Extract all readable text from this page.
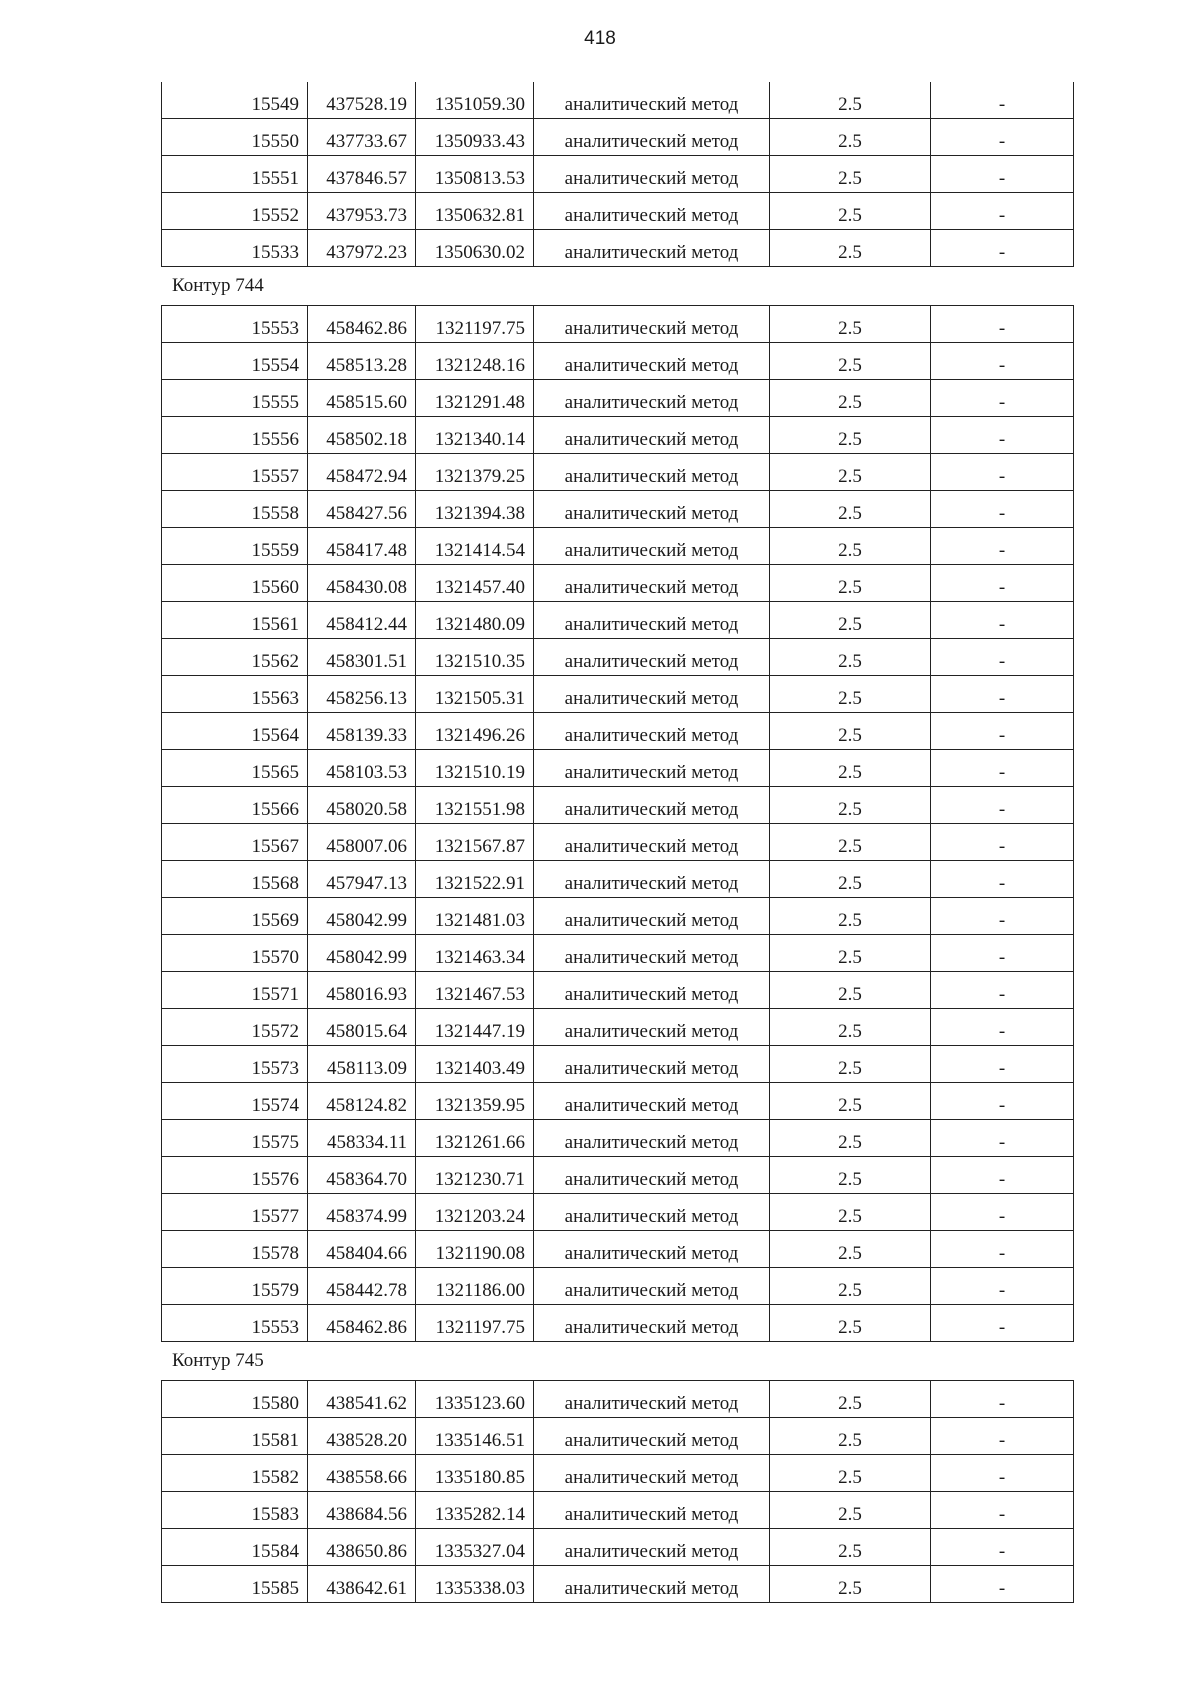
418
15549	437528.19	1351059.30	аналитический метод	2.5	-
15550	437733.67	1350933.43	аналитический метод	2.5	-
15551	437846.57	1350813.53	аналитический метод	2.5	-
15552	437953.73	1350632.81	аналитический метод	2.5	-
15533	437972.23	1350630.02	аналитический метод	2.5	-
Контур 744
15553	458462.86	1321197.75	аналитический метод	2.5	-
15554	458513.28	1321248.16	аналитический метод	2.5	-
15555	458515.60	1321291.48	аналитический метод	2.5	-
15556	458502.18	1321340.14	аналитический метод	2.5	-
15557	458472.94	1321379.25	аналитический метод	2.5	-
15558	458427.56	1321394.38	аналитический метод	2.5	-
15559	458417.48	1321414.54	аналитический метод	2.5	-
15560	458430.08	1321457.40	аналитический метод	2.5	-
15561	458412.44	1321480.09	аналитический метод	2.5	-
15562	458301.51	1321510.35	аналитический метод	2.5	-
15563	458256.13	1321505.31	аналитический метод	2.5	-
15564	458139.33	1321496.26	аналитический метод	2.5	-
15565	458103.53	1321510.19	аналитический метод	2.5	-
15566	458020.58	1321551.98	аналитический метод	2.5	-
15567	458007.06	1321567.87	аналитический метод	2.5	-
15568	457947.13	1321522.91	аналитический метод	2.5	-
15569	458042.99	1321481.03	аналитический метод	2.5	-
15570	458042.99	1321463.34	аналитический метод	2.5	-
15571	458016.93	1321467.53	аналитический метод	2.5	-
15572	458015.64	1321447.19	аналитический метод	2.5	-
15573	458113.09	1321403.49	аналитический метод	2.5	-
15574	458124.82	1321359.95	аналитический метод	2.5	-
15575	458334.11	1321261.66	аналитический метод	2.5	-
15576	458364.70	1321230.71	аналитический метод	2.5	-
15577	458374.99	1321203.24	аналитический метод	2.5	-
15578	458404.66	1321190.08	аналитический метод	2.5	-
15579	458442.78	1321186.00	аналитический метод	2.5	-
15553	458462.86	1321197.75	аналитический метод	2.5	-
Контур 745
15580	438541.62	1335123.60	аналитический метод	2.5	-
15581	438528.20	1335146.51	аналитический метод	2.5	-
15582	438558.66	1335180.85	аналитический метод	2.5	-
15583	438684.56	1335282.14	аналитический метод	2.5	-
15584	438650.86	1335327.04	аналитический метод	2.5	-
15585	438642.61	1335338.03	аналитический метод	2.5	-
